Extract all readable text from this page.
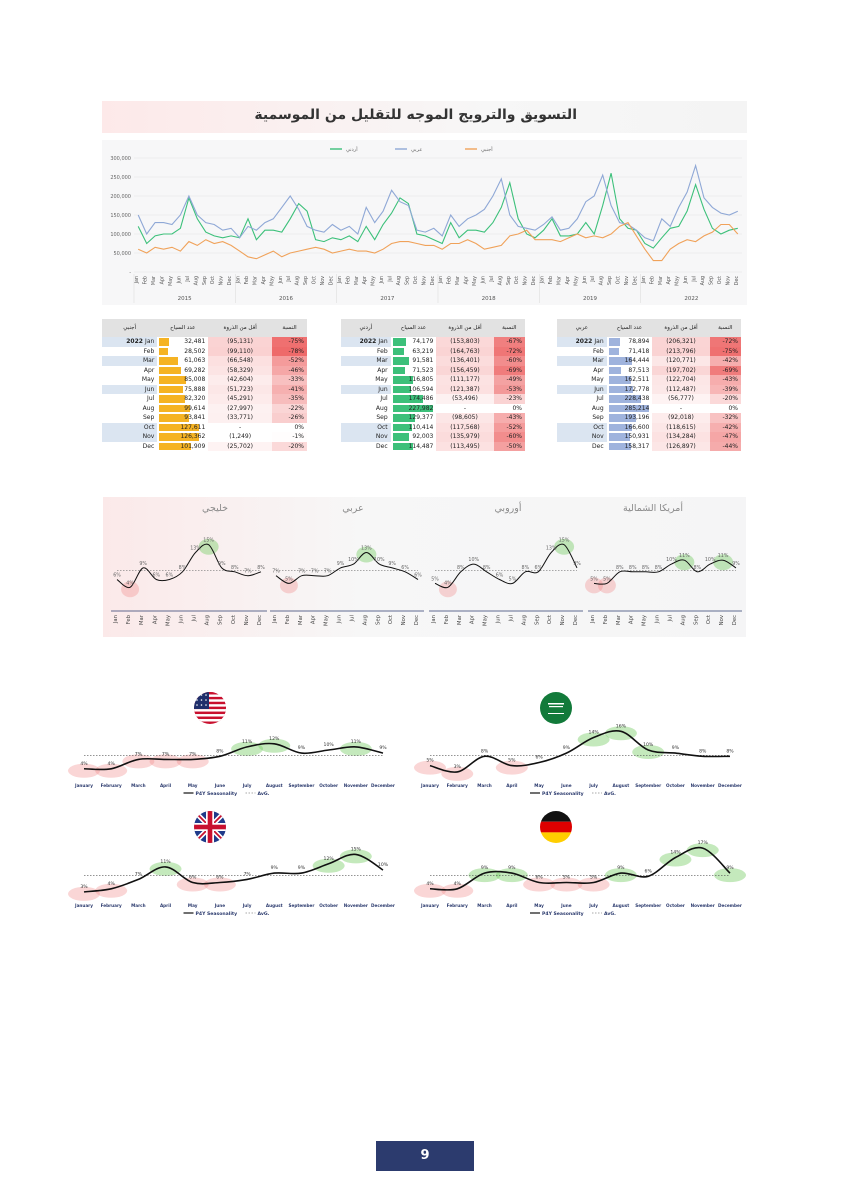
التسويق والترويج الموجه للتقليل من الموسمية
-
50,000
100,000
150,000
200,000
250,000
300,000
أردني	عربي	أجنبي
Jan Feb Mar Apr May Jun Jul Aug Sep Oct Nov Dec Jan Feb Mar Apr May Jun Jul Aug Sep Oct Nov Dec Jan Feb Mar Apr May Jun Jul Aug Sep Oct Nov Dec Jan Feb Mar Apr May Jun Jul Aug Sep Oct Nov Dec Jan Feb Mar Apr May Jun Jul Aug Sep Oct Nov Dec Jan Feb Mar Apr May Jun Jul Aug Sep Oct Nov Dec
2015	2016	2017	2018	2019	2022
أجنبي	عدد السياح	أقل من الذروة	النسبة
2022 Jan	32,481	(95,131)	-75%
Feb	28,502	(99,110)	-78%
Mar	61,063	(66,548)	-52%
Apr	69,282	(58,329)	-46%
May	85,008	(42,604)	-33%
Jun	75,888	(51,723)	-41%
Jul	82,320	(45,291)	-35%
Aug	99,614	(27,997)	-22%
Sep	93,841	(33,771)	-26%
Oct	127,611	-	0%
Nov	126,362	(1,249)	-1%
Dec	101,909	(25,702)	-20%
أردني	عدد السياح	أقل من الذروة	النسبة
2022 Jan	74,179	(153,803)	-67%
Feb	63,219	(164,763)	-72%
Mar	91,581	(136,401)	-60%
Apr	71,523	(156,459)	-69%
May	116,805	(111,177)	-49%
Jun	106,594	(121,387)	-53%
Jul	174,486	(53,496)	-23%
Aug	227,982	-	0%
Sep	129,377	(98,605)	-43%
Oct	110,414	(117,568)	-52%
Nov	92,003	(135,979)	-60%
Dec	114,487	(113,495)	-50%
عربي	عدد السياح	أقل من الذروة	النسبة
2022 Jan	78,894	(206,321)	-72%
Feb	71,418	(213,796)	-75%
Mar	164,444	(120,771)	-42%
Apr	87,513	(197,702)	-69%
May	162,511	(122,704)	-43%
Jun	172,778	(112,487)	-39%
Jul	228,438	(56,777)	-20%
Aug	285,214	-	0%
Sep	193,196	(92,018)	-32%
Oct	166,600	(118,615)	-42%
Nov	150,931	(134,284)	-47%
Dec	158,317	(126,897)	-44%
خليجي
6%
4%
9%
6% 6%
8%
13%
15%
9%
8%
7%
8%
Jan Feb Mar Apr May Jun Jul Aug Sep Oct Nov Dec
عربي
7%
5%
7% 7% 7%
9%
10%
13%
10%
9%
6%
6%
Jan Feb Mar Apr May Jun Jul Aug Sep Oct Nov Dec
أوروبي
5%
4%
8%
10%
8%
6%
5%
8% 6%
13%
15%
9%
Jan Feb Mar Apr May Jun Jul Aug Sep Oct Nov Dec
أمريكا الشمالية
5% 5%
8% 8% 8% 8%
10%
11%
8%
10%
11%
9%
Jan Feb Mar Apr May Jun Jul Aug Sep Oct Nov Dec
4%	4%
7%	7%	7%
8%
11%
12%
9%
10%
11%
9%
January February March	April	May	June	July	August September October November December
P4Y Seasonality	AvG.
5%
3%
8%
5%
6%
9%
14%
16%
10%
9%
8%	8%
January February March	April	May	June	July	August September October November December
P4Y Seasonality	AvG.
3%
4%
7%
11%
6%	6%
7%
9%	9%
12%
15%
10%
January February March	April	May	June	July	August September October November December
P4Y Seasonality	AvG.
4%	4%
9%	9%
6%	5%	5%
9%
6%
14%
17%
9%
January February March	April	May	June	July	August September October November December
P4Y Seasonality	AvG.
9
